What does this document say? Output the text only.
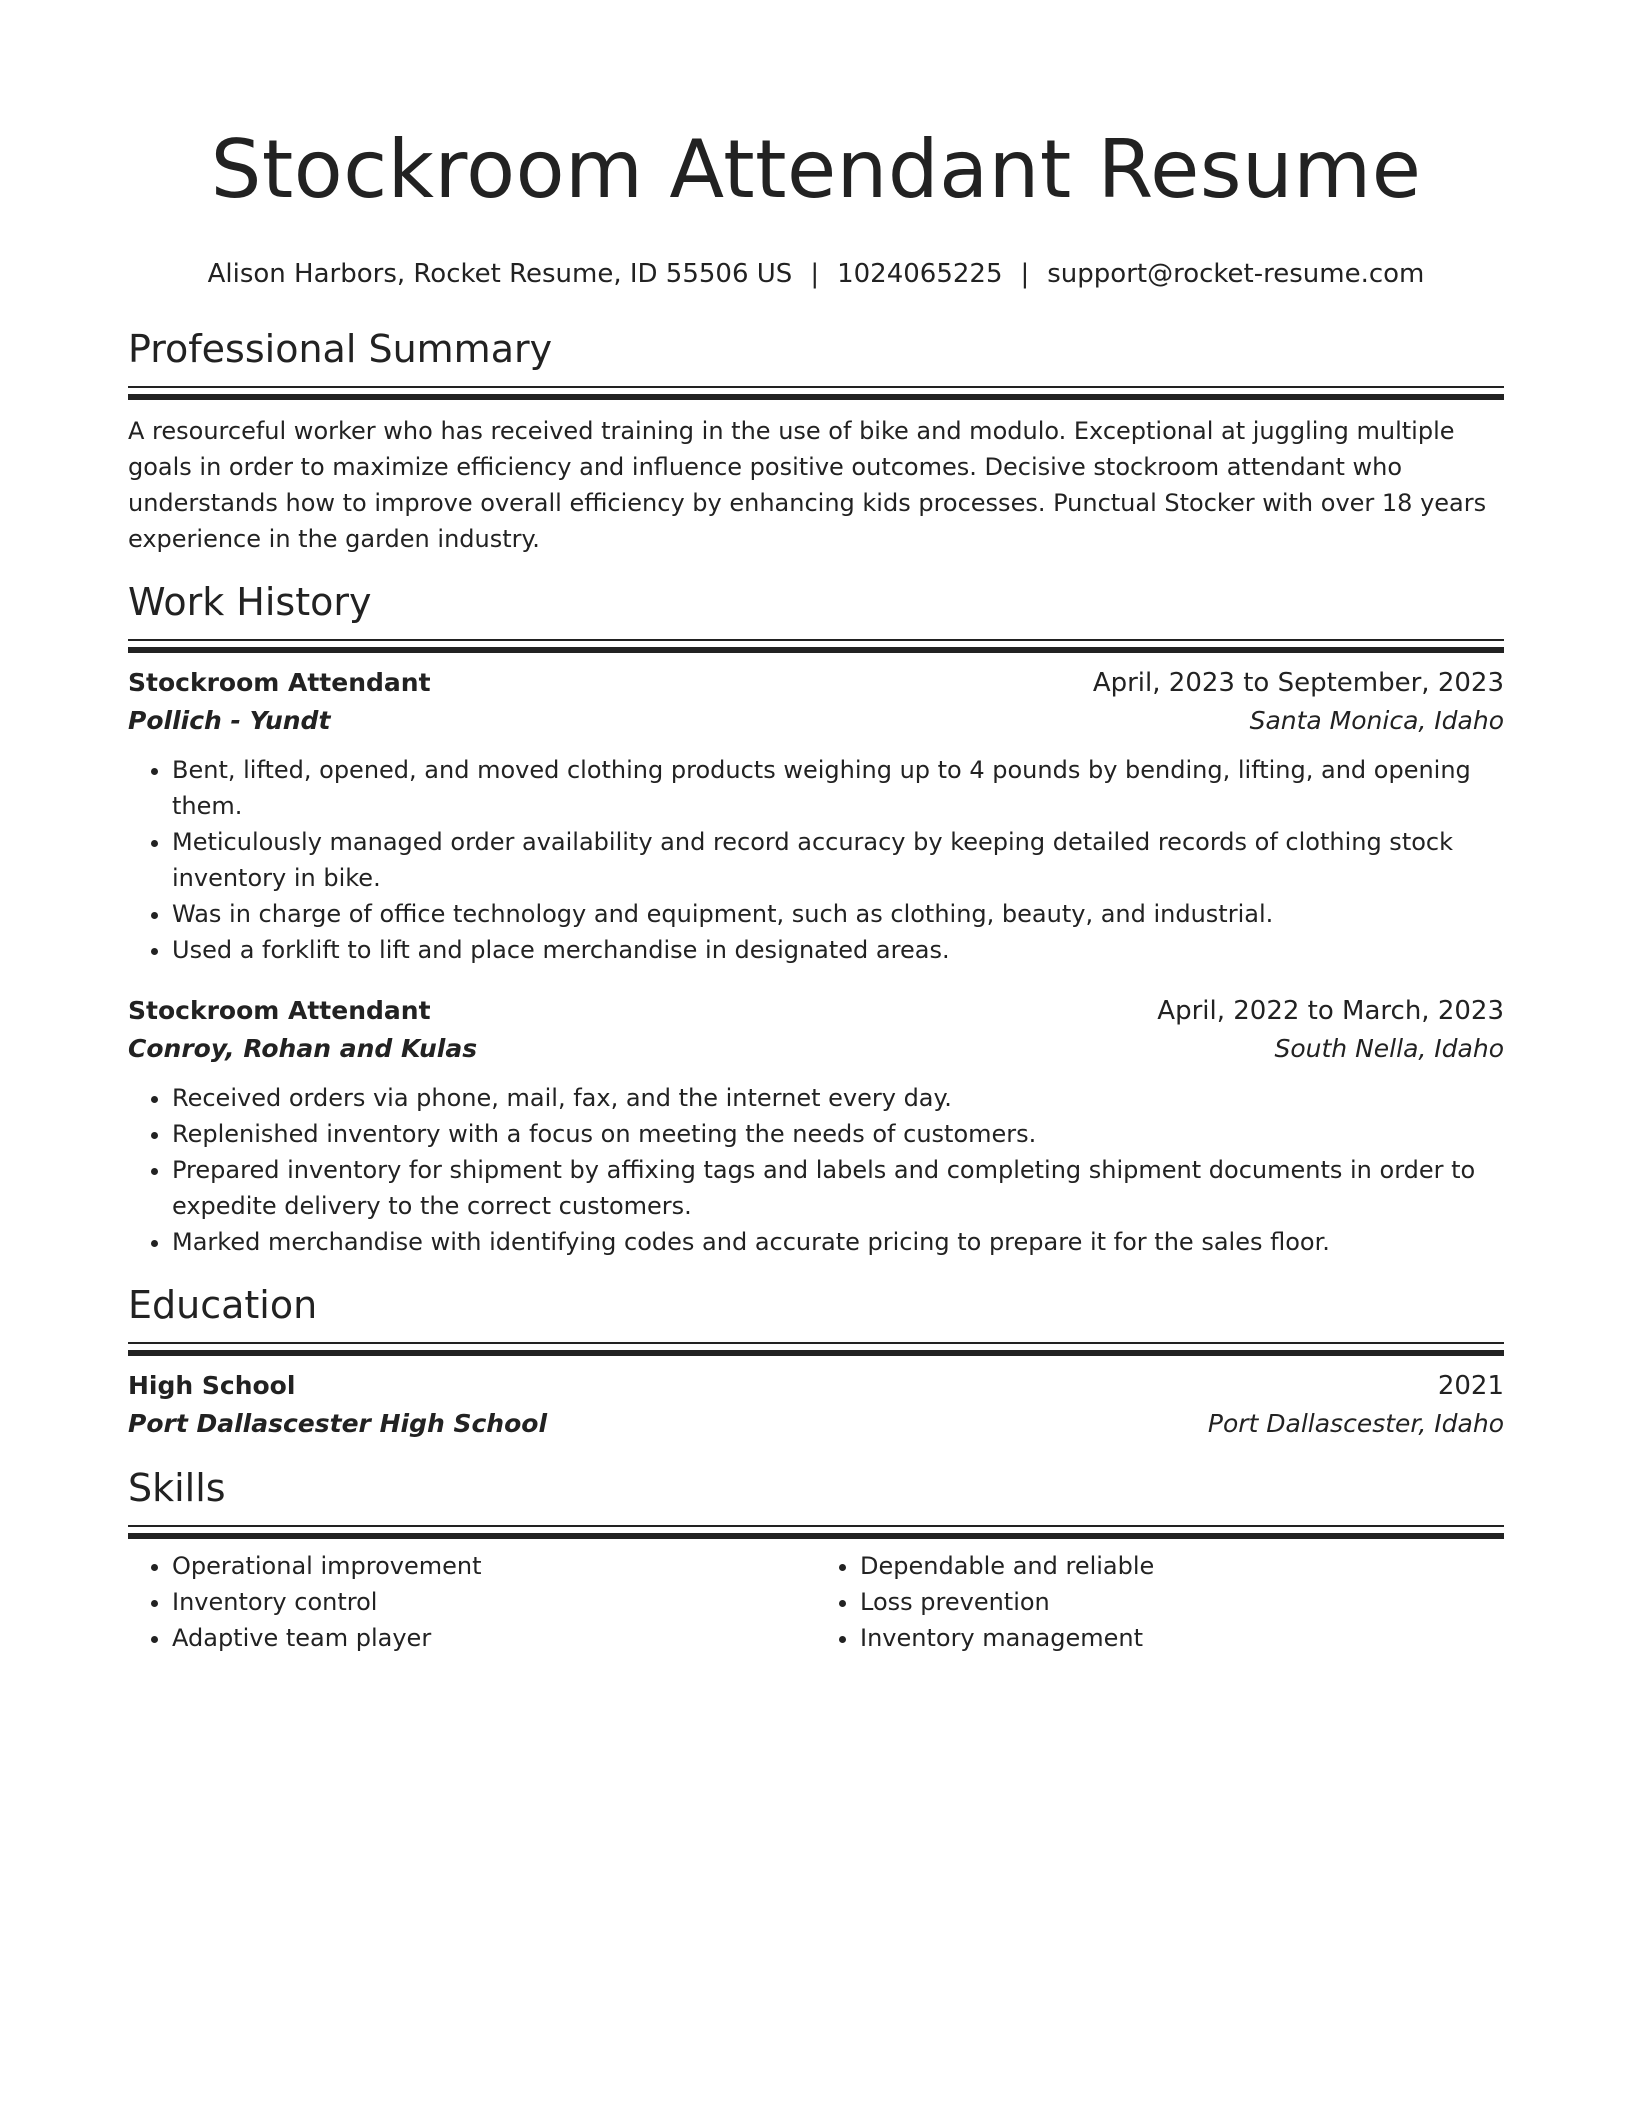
Stockroom Attendant Resume
Alison Harbors, Rocket Resume, ID 55506 US | 1024065225 | support@rocket-resume.com
Professional Summary
A resourceful worker who has received training in the use of bike and modulo. Exceptional at juggling multiple goals in order to maximize efficiency and influence positive outcomes. Decisive stockroom attendant who understands how to improve overall efficiency by enhancing kids processes. Punctual Stocker with over 18 years experience in the garden industry.
Work History
Stockroom Attendant	April, 2023 to September, 2023
Pollich - Yundt	Santa Monica, Idaho
• Bent, lifted, opened, and moved clothing products weighing up to 4 pounds by bending, lifting, and opening them.
• Meticulously managed order availability and record accuracy by keeping detailed records of clothing stock inventory in bike.
• Was in charge of office technology and equipment, such as clothing, beauty, and industrial.
• Used a forklift to lift and place merchandise in designated areas.
Stockroom Attendant	April, 2022 to March, 2023
Conroy, Rohan and Kulas	South Nella, Idaho
• Received orders via phone, mail, fax, and the internet every day.
• Replenished inventory with a focus on meeting the needs of customers.
• Prepared inventory for shipment by affixing tags and labels and completing shipment documents in order to expedite delivery to the correct customers.
• Marked merchandise with identifying codes and accurate pricing to prepare it for the sales floor.
Education
High School	2021
Port Dallascester High School	Port Dallascester, Idaho
Skills
• Operational improvement
• Inventory control
• Adaptive team player
• Dependable and reliable
• Loss prevention
• Inventory management
